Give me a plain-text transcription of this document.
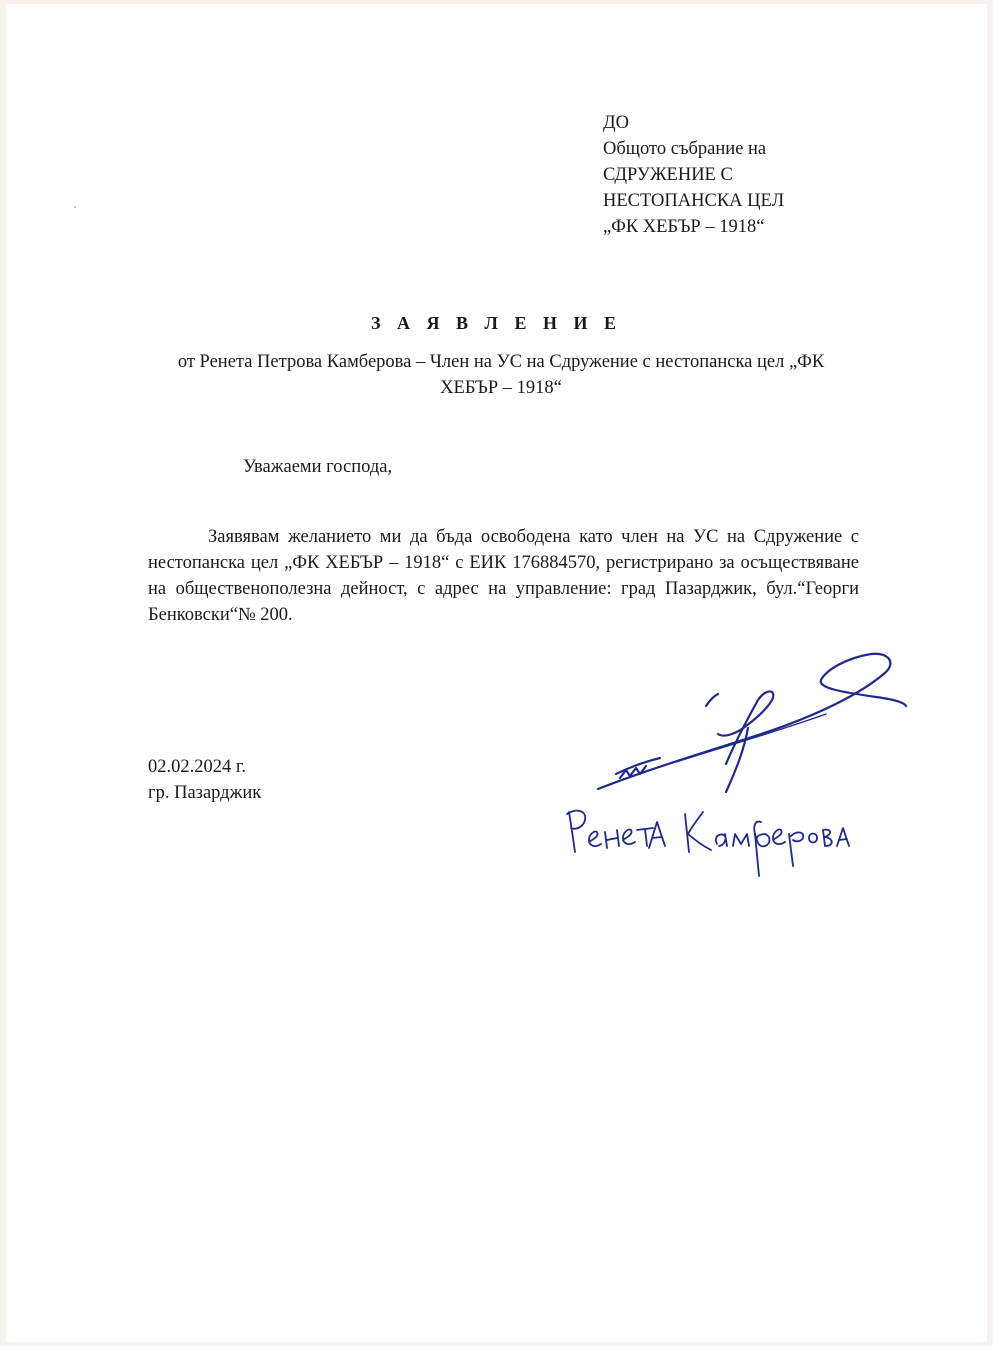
ДО
Общото събрание на
СДРУЖЕНИЕ С
НЕСТОПАНСКА ЦЕЛ
„ФК ХЕБЪР – 1918“
З А Я В Л Е Н И Е
от Ренета Петрова Камберова – Член на УС на Сдружение с нестопанска цел „ФК ХЕБЪР – 1918“
Уважаеми господа,
Заявявам желанието ми да бъда освободена като член на УС на Сдружение с нестопанска цел „ФК ХЕБЪР – 1918“ с ЕИК 176884570, регистрирано за осъществяване на общественополезна дейност, с адрес на управление: град Пазарджик, бул.“Георги Бенковски“№ 200.
02.02.2024 г.
гр. Пазарджик
